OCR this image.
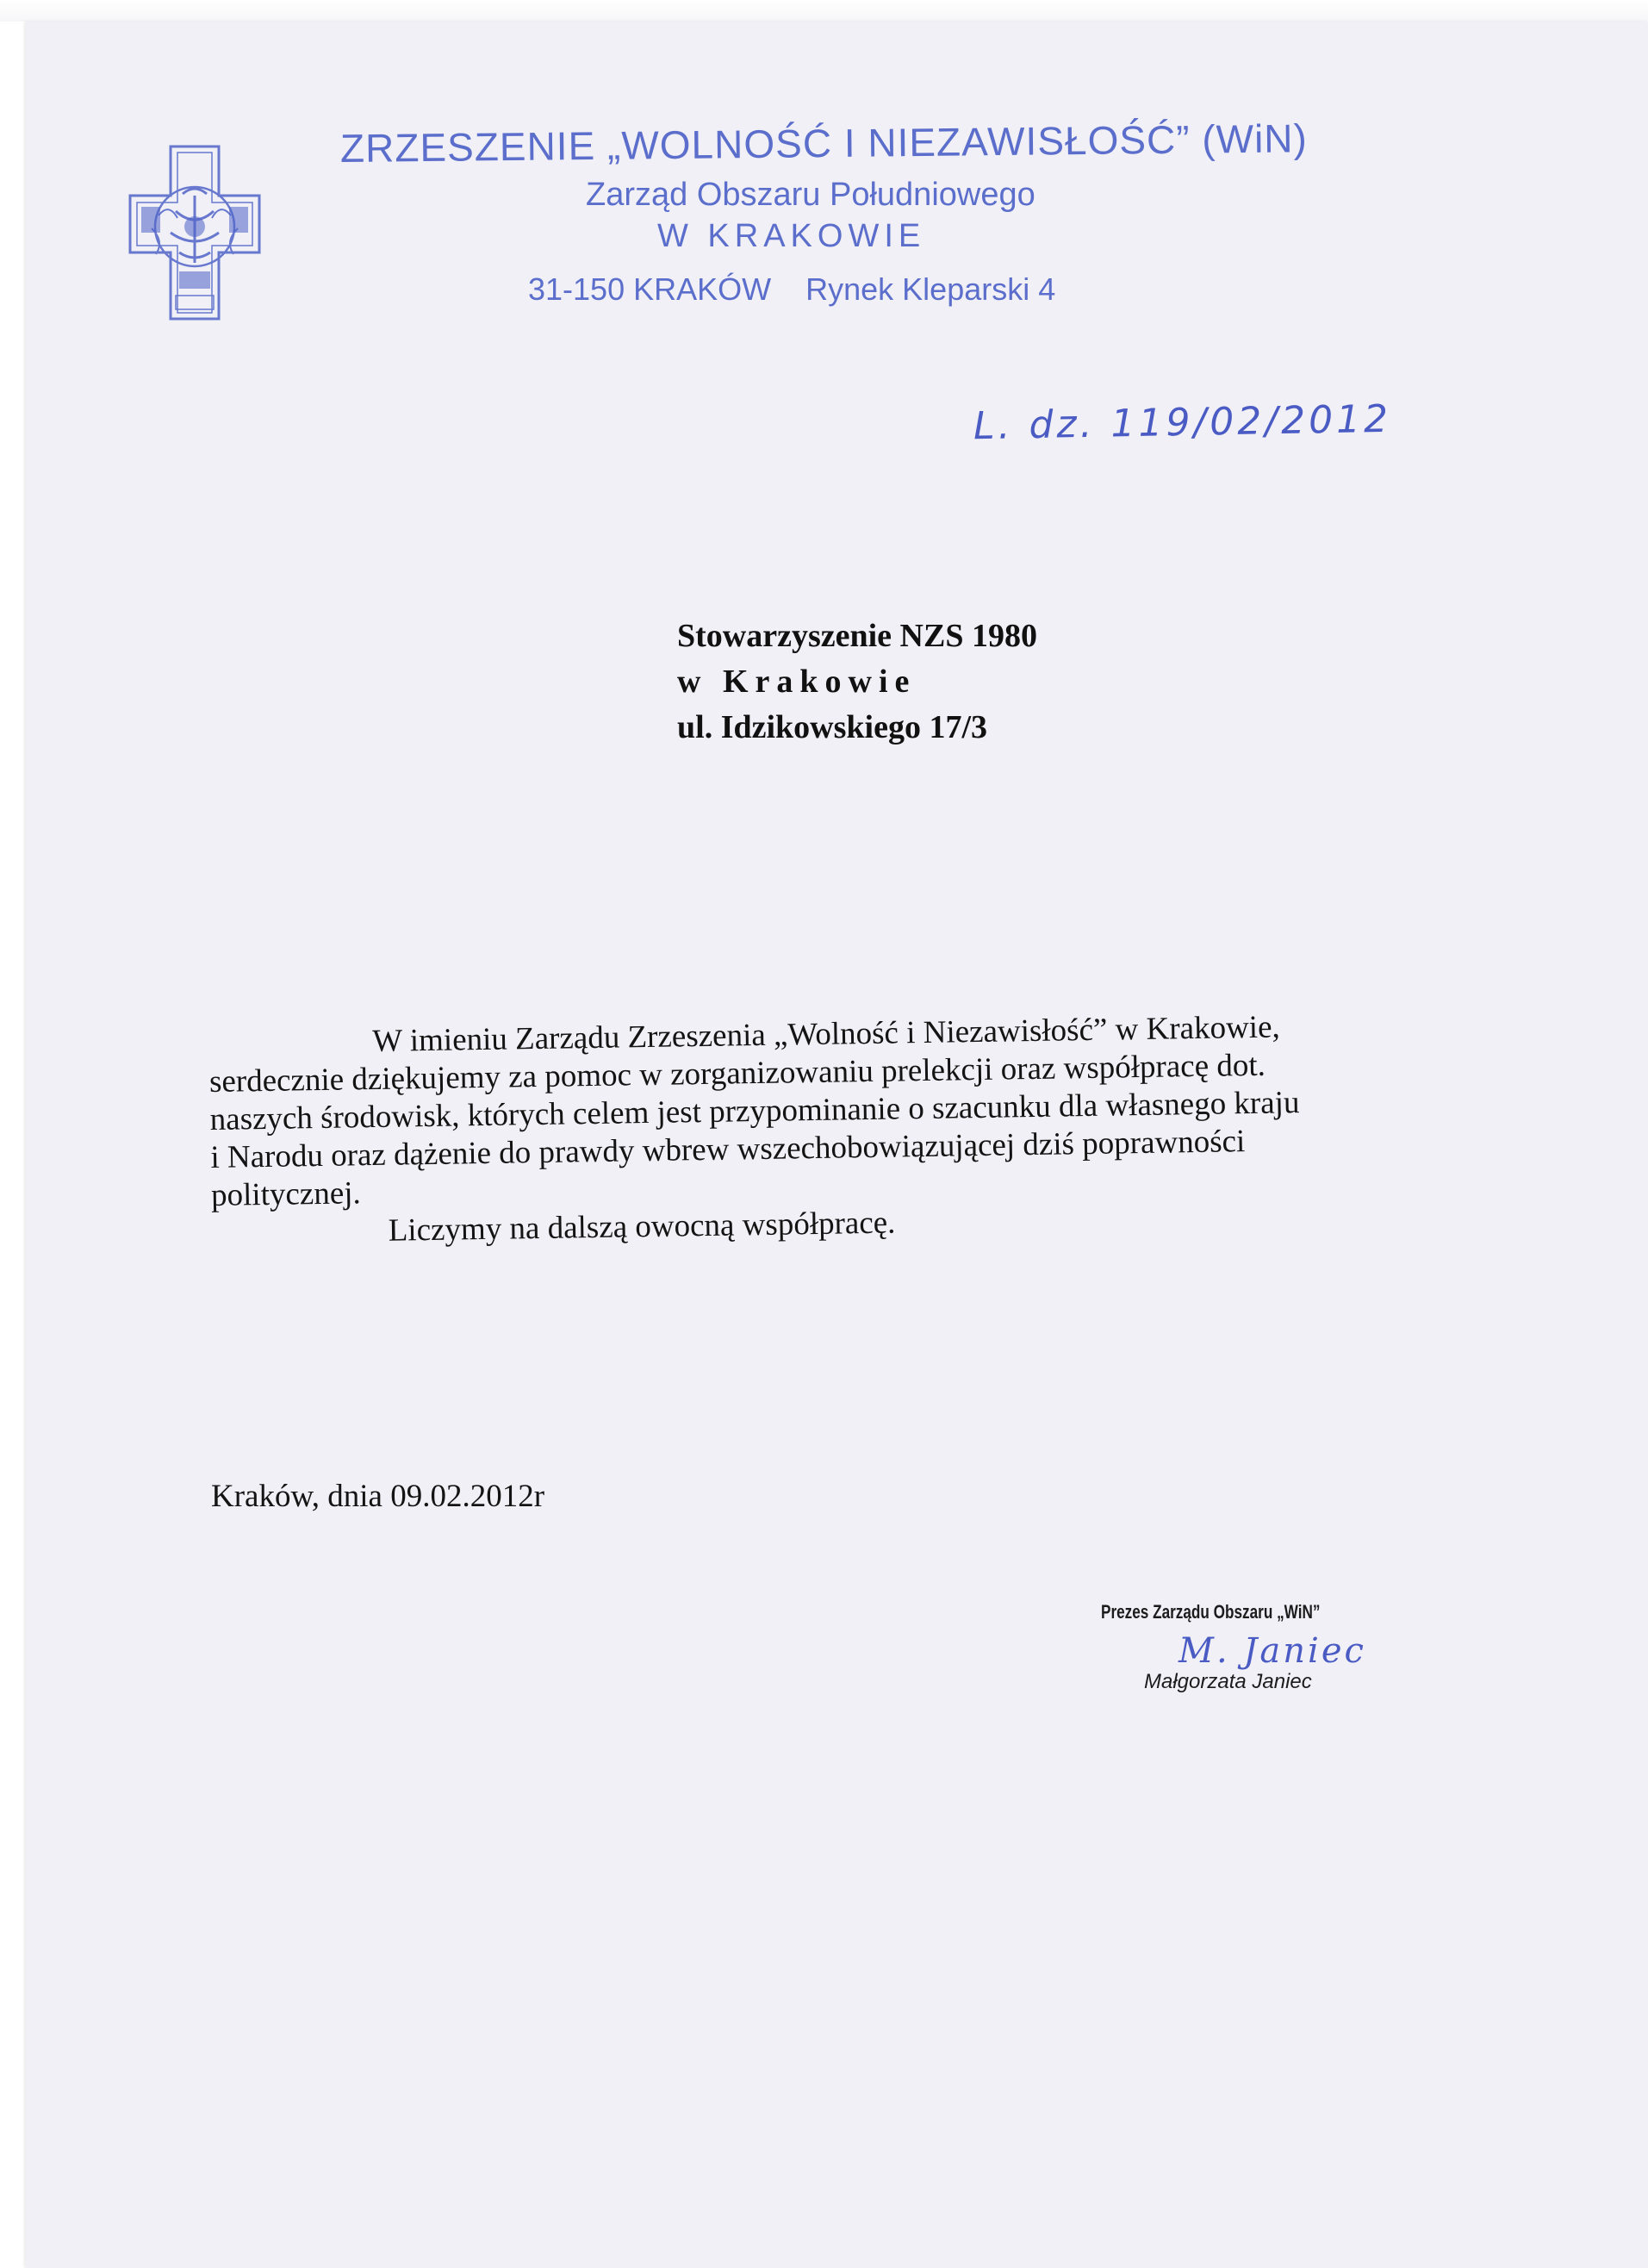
ZRZESZENIE „WOLNOŚĆ I NIEZAWISŁOŚĆ” (WiN)
Zarząd Obszaru Południowego
W KRAKOWIE
31-150 KRAKÓW Rynek Kleparski 4
L. dz. 119/02/2012
Stowarzyszenie NZS 1980
w Krakowie
ul. Idzikowskiego 17/3

W imieniu Zarządu Zrzeszenia „Wolność i Niezawisłość” w Krakowie,

serdecznie dziękujemy za pomoc w zorganizowaniu prelekcji oraz współpracę dot.

naszych środowisk, których celem jest przypominanie o szacunku dla własnego kraju

i Narodu oraz dążenie do prawdy wbrew wszechobowiązującej dziś poprawności

politycznej.

Liczymy na dalszą owocną współpracę.

Kraków, dnia 09.02.2012r
Prezes Zarządu Obszaru „WiN”
M. Janiec
Małgorzata Janiec
